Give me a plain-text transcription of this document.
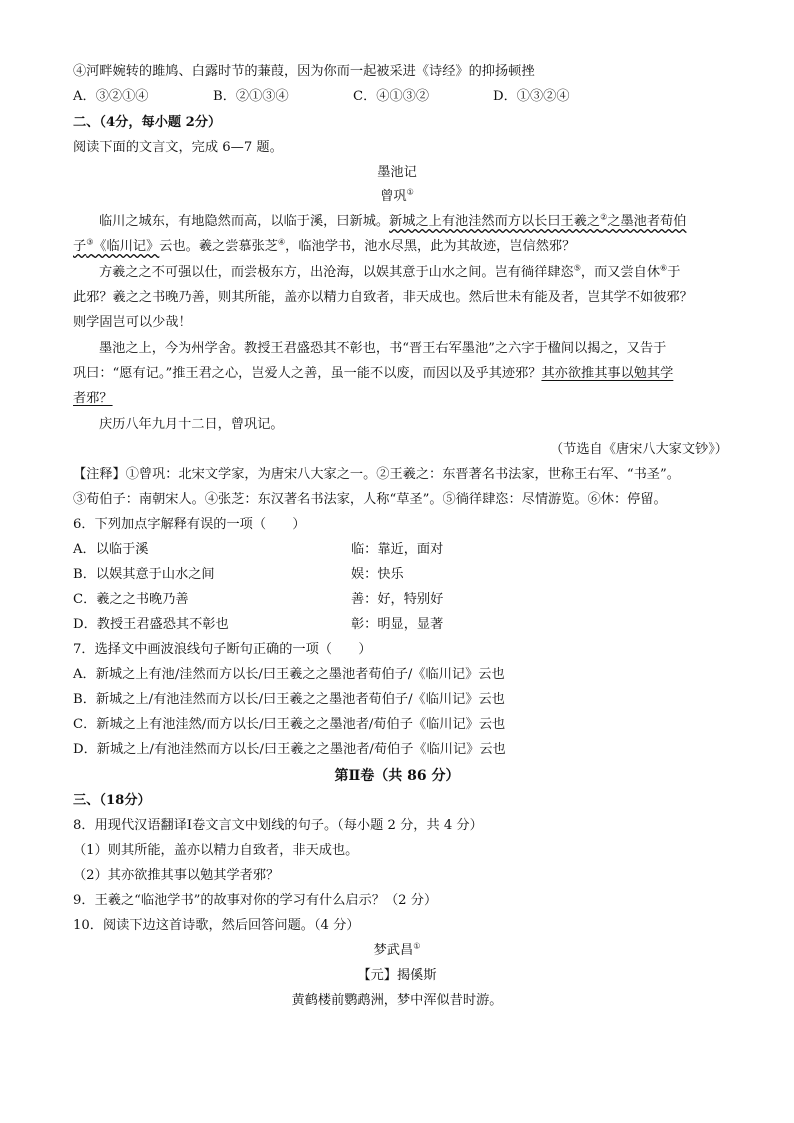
④河畔婉转的雎鸠、白露时节的蒹葭，因为你而一起被采进《诗经》的抑扬顿挫
A．③②①④	B．②①③④	C．④①③②	D．①③②④
二、（4分，每小题 2分）
阅读下面的文言文，完成 6—7 题。
墨池记
曾巩①
临川之城东，有地隐然而高，以临于溪，曰新城。新城之上有池洼然而方以长曰王羲之②之墨池者荀伯
子③《临川记》云也。羲之尝慕张芝④，临池学书，池水尽黑，此为其故迹，岂信然邪？
方羲之之不可强以仕，而尝极东方，出沧海，以娱其意于山水之间。岂有徜徉肆恣⑤，而又尝自休⑥于
此邪？羲之之书晚乃善，则其所能，盖亦以精力自致者，非天成也。然后世未有能及者，岂其学不如彼邪？
则学固岂可以少哉！
墨池之上，今为州学舍。教授王君盛恐其不彰也，书“晋王右军墨池”之六字于楹间以揭之，又告于
巩曰：“愿有记。”推王君之心，岂爱人之善，虽一能不以废，而因以及乎其迹邪？其亦欲推其事以勉其学
者邪？
庆历八年九月十二日，曾巩记。
（节选自《唐宋八大家文钞》）
【注释】①曾巩：北宋文学家，为唐宋八大家之一。②王羲之：东晋著名书法家，世称王右军、“书圣”。
③荀伯子：南朝宋人。④张芝：东汉著名书法家，人称“草圣”。⑤徜徉肆恣：尽情游览。⑥休：停留。
6．下列加点字解释有误的一项（　　）
A．以临于溪	临：靠近，面对
B．以娱其意于山水之间	娱：快乐
C．羲之之书晚乃善	善：好，特别好
D．教授王君盛恐其不彰也	彰：明显，显著
7．选择文中画波浪线句子断句正确的一项（　　）
A．新城之上有池/洼然而方以长/曰王羲之之墨池者荀伯子/《临川记》云也
B．新城之上/有池洼然而方以长/曰王羲之之墨池者荀伯子/《临川记》云也
C．新城之上有池洼然/而方以长/曰王羲之之墨池者/荀伯子《临川记》云也
D．新城之上/有池洼然而方以长/曰王羲之之墨池者/荀伯子《临川记》云也
第Ⅱ卷（共 86 分）
三、（18分）
8．用现代汉语翻译Ⅰ卷文言文中划线的句子。（每小题 2 分，共 4 分）
（1）则其所能，盖亦以精力自致者，非天成也。
（2）其亦欲推其事以勉其学者邪？
9．王羲之“临池学书”的故事对你的学习有什么启示？（2 分）
10．阅读下边这首诗歌，然后回答问题。（4 分）
梦武昌①
【元】揭傒斯
黄鹤楼前鹦鹉洲，梦中浑似昔时游。
